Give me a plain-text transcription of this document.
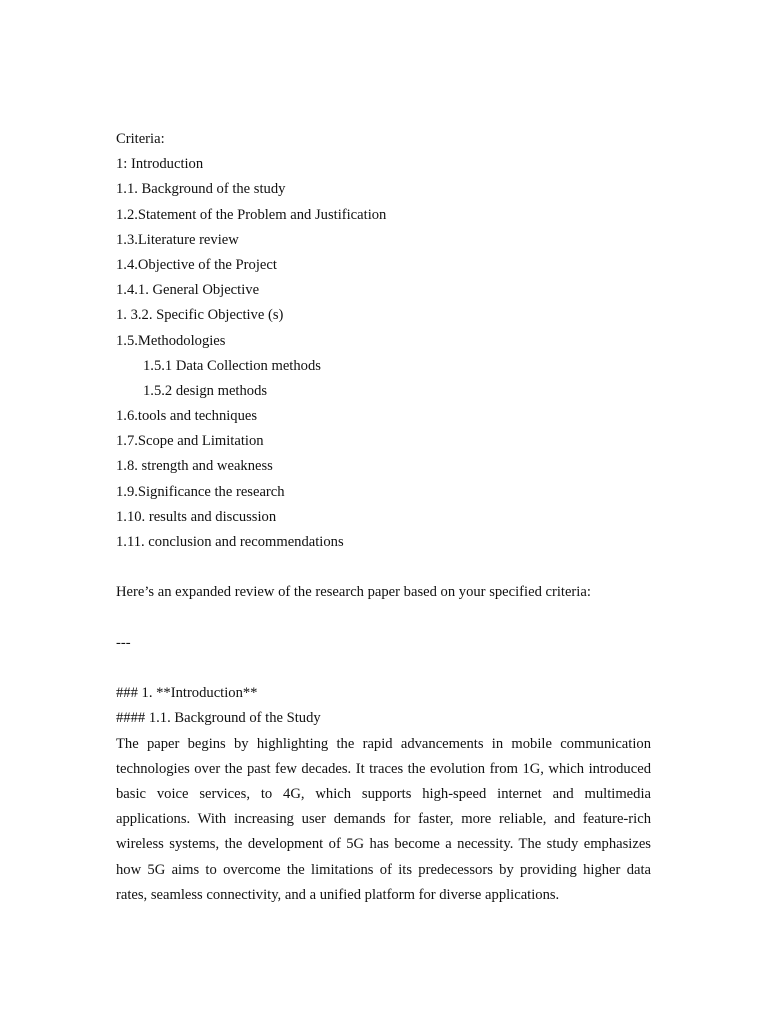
Criteria:
1: Introduction
1.1. Background of the study
1.2.Statement of the Problem and Justification
1.3.Literature review
1.4.Objective of the Project
1.4.1. General Objective
1. 3.2. Specific Objective (s)
1.5.Methodologies
1.5.1 Data Collection methods
1.5.2 design methods
1.6.tools and techniques
1.7.Scope and Limitation
1.8. strength and weakness
1.9.Significance the research
1.10. results and discussion
1.11. conclusion and recommendations
Here’s an expanded review of the research paper based on your specified criteria:
---
### 1. **Introduction**
#### 1.1. Background of the Study
The paper begins by highlighting the rapid advancements in mobile communication technologies over the past few decades. It traces the evolution from 1G, which introduced basic voice services, to 4G, which supports high-speed internet and multimedia applications. With increasing user demands for faster, more reliable, and feature-rich wireless systems, the development of 5G has become a necessity. The study emphasizes how 5G aims to overcome the limitations of its predecessors by providing higher data rates, seamless connectivity, and a unified platform for diverse applications.
